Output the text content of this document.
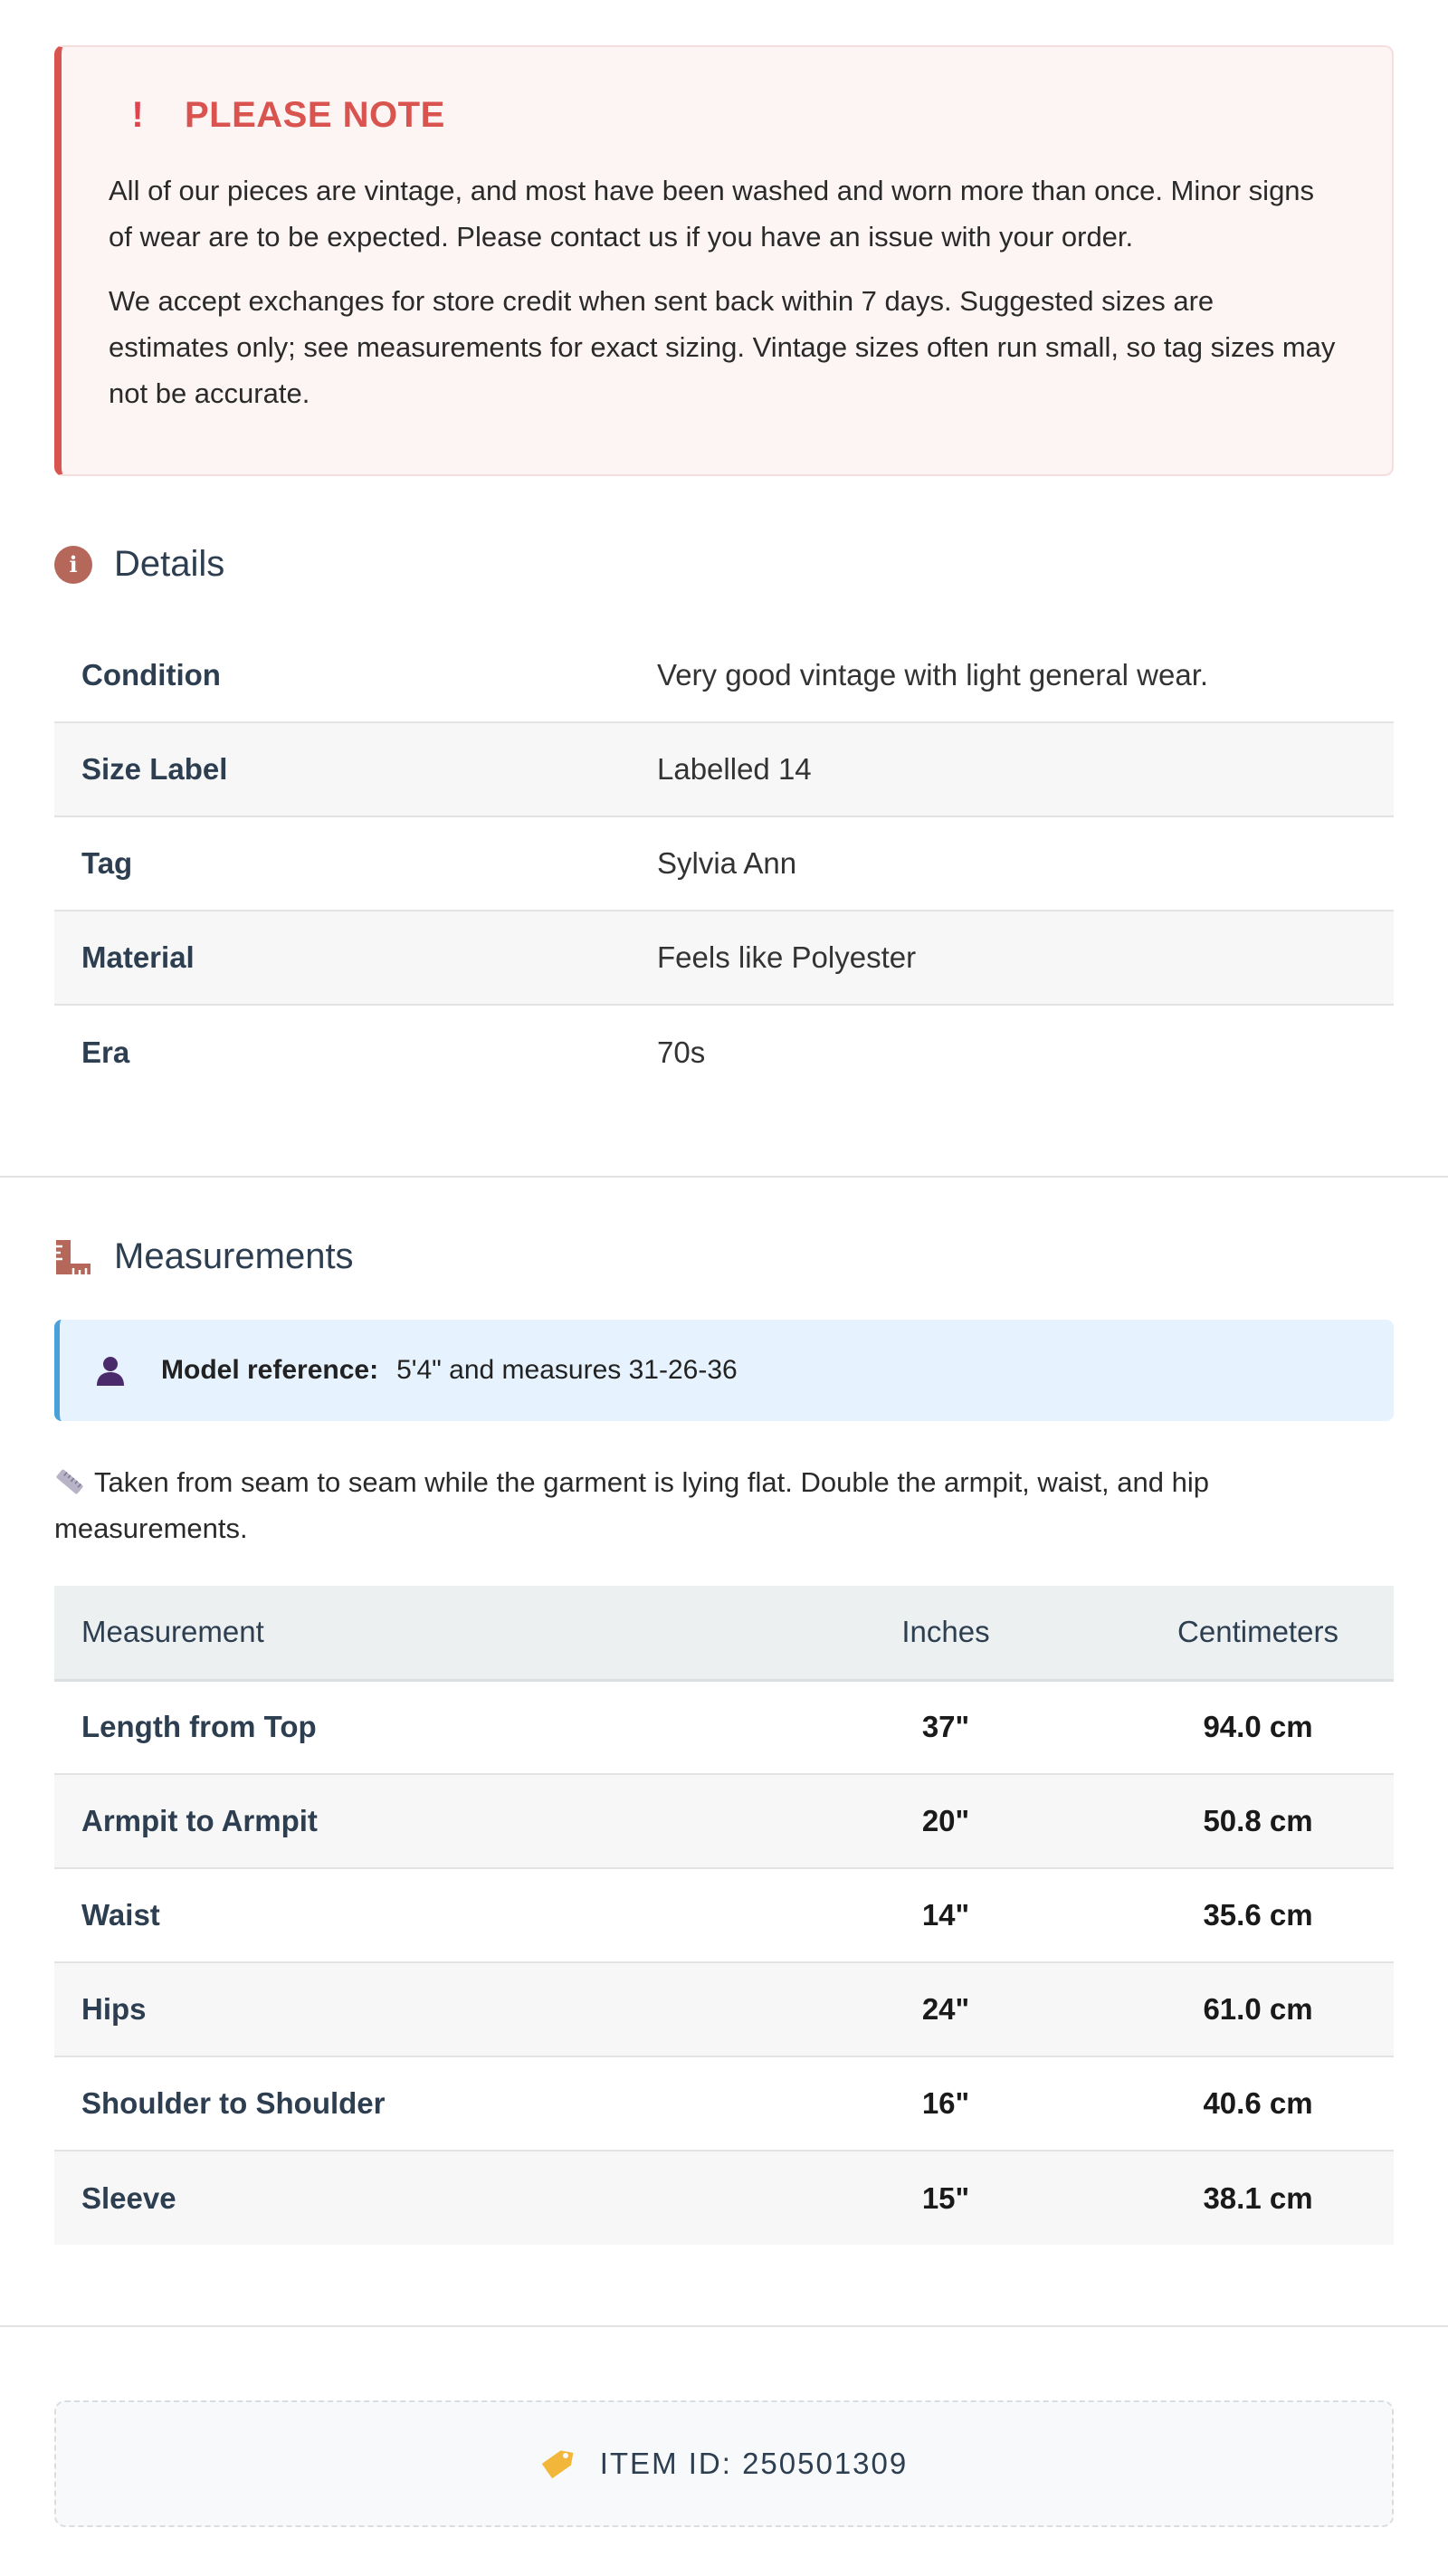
! PLEASE NOTE

All of our pieces are vintage, and most have been washed and worn more than once. Minor signs of wear are to be expected. Please contact us if you have an issue with your order.

We accept exchanges for store credit when sent back within 7 days. Suggested sizes are estimates only; see measurements for exact sizing. Vintage sizes often run small, so tag sizes may not be accurate.

i	Details
Condition	Very good vintage with light general wear.
Size Label	Labelled 14
Tag	Sylvia Ann
Material	Feels like Polyester
Era	70s
Measurements
Model reference: 5'4" and measures 31-26-36
Taken from seam to seam while the garment is lying flat. Double the armpit, waist, and hip measurements.
Measurement	Inches	Centimeters
Length from Top	37"	94.0 cm
Armpit to Armpit	20"	50.8 cm
Waist	14"	35.6 cm
Hips	24"	61.0 cm
Shoulder to Shoulder	16"	40.6 cm
Sleeve	15"	38.1 cm
ITEM ID: 250501309
